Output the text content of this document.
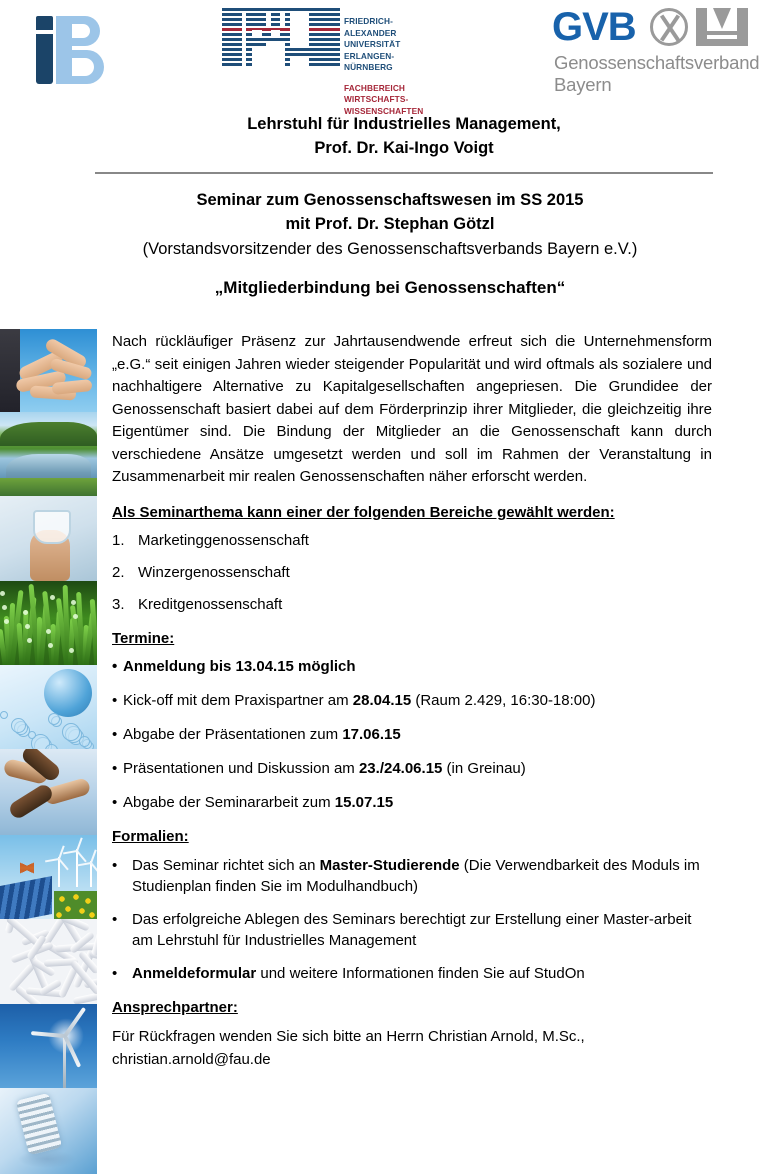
FRIEDRICH-ALEXANDER
UNIVERSITÄT
ERLANGEN-NÜRNBERG
FACHBEREICH WIRTSCHAFTS-
WISSENSCHAFTEN
GVB
Genossenschaftsverband
Bayern
Lehrstuhl für Industrielles Management,
Prof. Dr. Kai-Ingo Voigt
Seminar zum Genossenschaftswesen im SS 2015
mit Prof. Dr. Stephan Götzl
(Vorstandsvorsitzender des Genossenschaftsverbands Bayern e.V.)
„Mitgliederbindung bei Genossenschaften“

Nach rückläufiger Präsenz zur Jahrtausendwende erfreut sich die Unternehmensform „e.G.“ seit einigen Jahren wieder steigender Popularität und wird oftmals als sozialere und nachhaltigere Alternative zu Kapitalgesellschaften angepriesen. Die Grundidee der Genossenschaft basiert dabei auf dem Förderprinzip ihrer Mitglieder, die gleichzeitig ihre Eigentümer sind. Die Bindung der Mitglieder an die Genossenschaft kann durch verschiedene Ansätze umgesetzt werden und soll im Rahmen der Veranstaltung in Zusammenarbeit mir realen Genossenschaften näher erforscht werden.

Als Seminarthema kann einer der folgenden Bereiche gewählt werden:
1. Marketinggenossenschaft
2. Winzergenossenschaft
3. Kreditgenossenschaft
Termine:
• Anmeldung bis 13.04.15 möglich
• Kick-off mit dem Praxispartner am 28.04.15 (Raum 2.429, 16:30-18:00)
• Abgabe der Präsentationen zum 17.06.15
• Präsentationen und Diskussion am 23./24.06.15 (in Greinau)
• Abgabe der Seminararbeit zum 15.07.15
Formalien:
• Das Seminar richtet sich an Master-Studierende (Die Verwendbarkeit des Moduls im Studienplan finden Sie im Modulhandbuch)
• Das erfolgreiche Ablegen des Seminars berechtigt zur Erstellung einer Master-arbeit am Lehrstuhl für Industrielles Management
• Anmeldeformular und weitere Informationen finden Sie auf StudOn
Ansprechpartner:
Für Rückfragen wenden Sie sich bitte an Herrn Christian Arnold, M.Sc.,
christian.arnold@fau.de
